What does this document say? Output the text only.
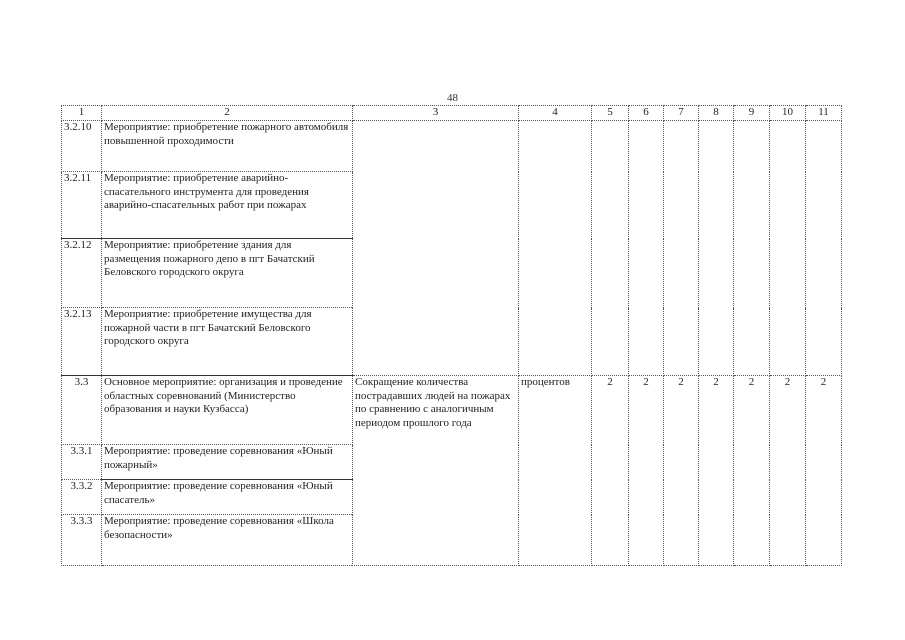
48
1	2	3	4	5	6	7	8	9	10	11
3.2.10	Мероприятие: приобретение пожарного автомобиля повышенной проходимости									
3.2.11	Мероприятие: приобретение аварийно-спасательного инструмента для проведения аварийно-спасательных работ при пожарах									
3.2.12	Мероприятие: приобретение здания для размещения пожарного депо в пгт Бачатский Беловского городского округа									
3.2.13	Мероприятие: приобретение имущества для пожарной части в пгт Бачатский Беловского городского округа									
3.3	Основное мероприятие: организация и проведение областных соревнований (Министерство образования и науки Кузбасса)	Сокращение количества пострадавших людей на пожарах по сравнению с аналогичным периодом прошлого года	процентов	2	2	2	2	2	2	2
3.3.1	Мероприятие: проведение соревнования «Юный пожарный»									
3.3.2	Мероприятие: проведение соревнования «Юный спасатель»									
3.3.3	Мероприятие: проведение соревнования «Школа безопасности»									
